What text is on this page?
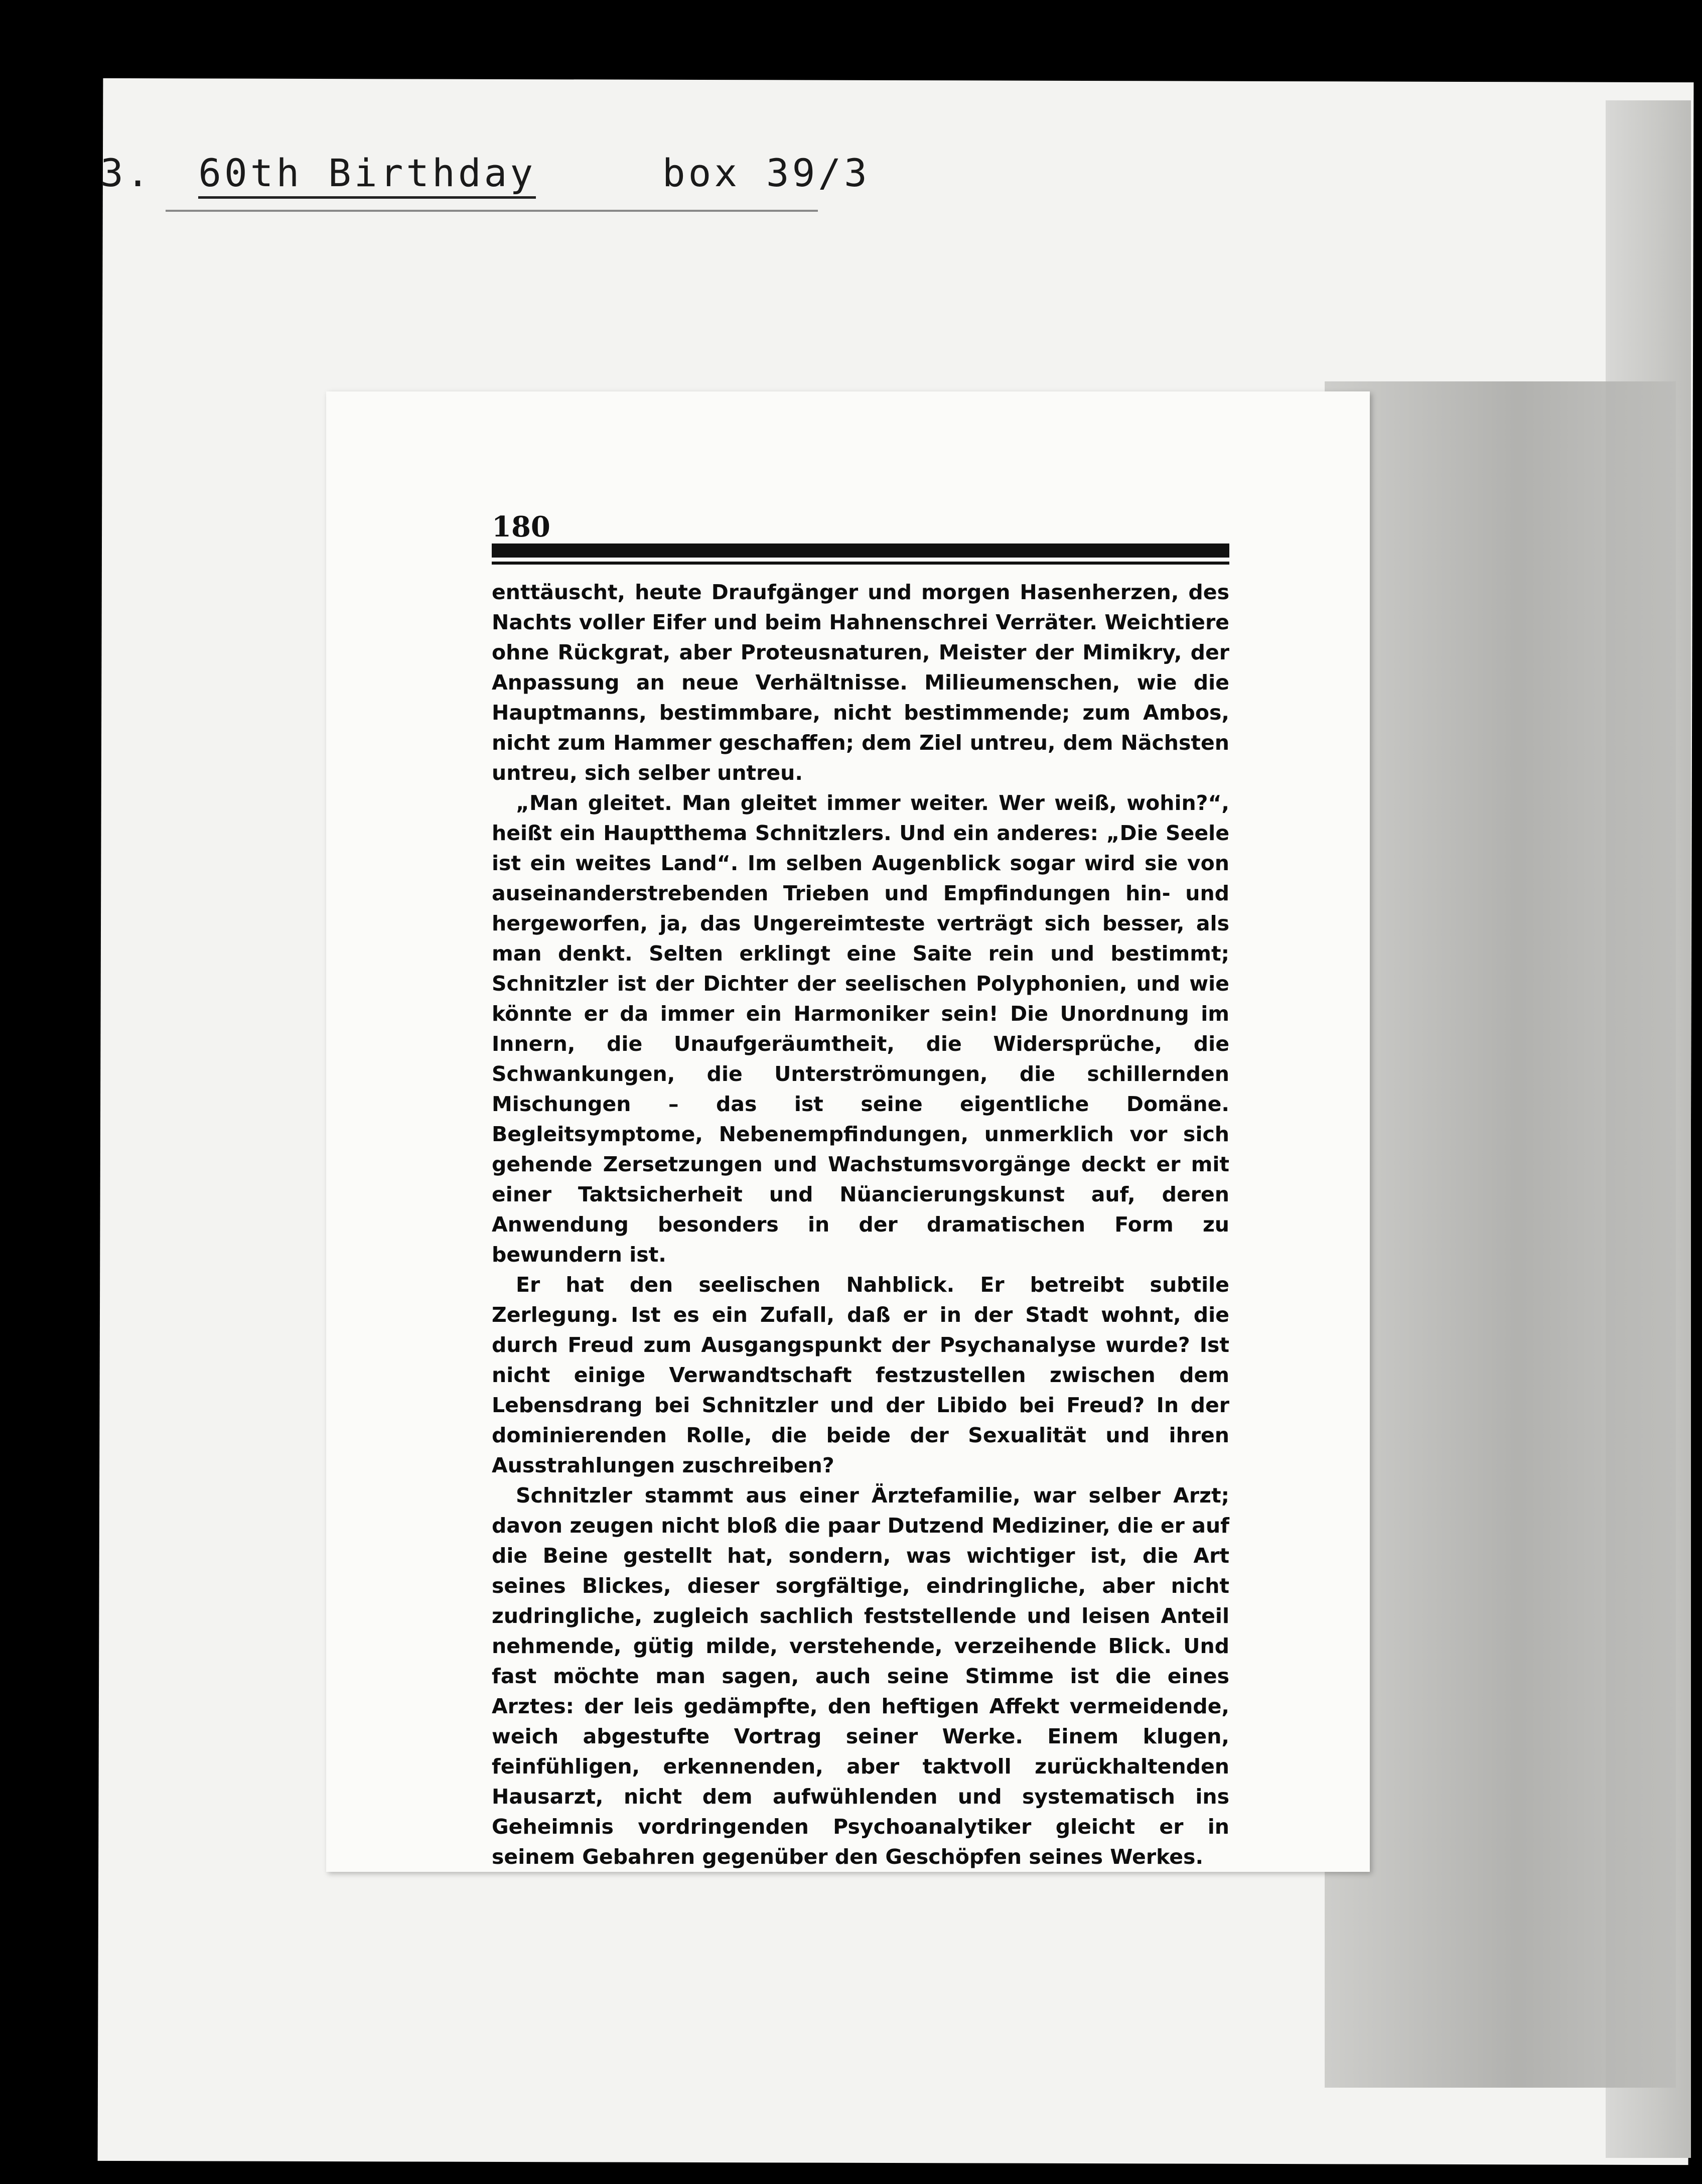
3. 60th Birthday	box 39/3
180

enttäuscht, heute Draufgänger und morgen Hasenherzen, des Nachts voller Eifer und beim Hahnenschrei Verräter. Weichtiere ohne Rückgrat, aber Proteusnaturen, Meister der Mimikry, der Anpassung an neue Verhältnisse. Milieumenschen, wie die Hauptmanns, bestimmbare, nicht bestimmende; zum Ambos, nicht zum Hammer geschaffen; dem Ziel untreu, dem Nächsten untreu, sich selber untreu.

„Man gleitet. Man gleitet immer weiter. Wer weiß, wohin?“, heißt ein Hauptthema Schnitzlers. Und ein anderes: „Die Seele ist ein weites Land“. Im selben Augenblick sogar wird sie von auseinanderstrebenden Trieben und Empfindungen hin- und hergeworfen, ja, das Ungereimteste verträgt sich besser, als man denkt. Selten erklingt eine Saite rein und bestimmt; Schnitzler ist der Dichter der seelischen Polyphonien, und wie könnte er da immer ein Harmoniker sein! Die Unordnung im Innern, die Unaufgeräumtheit, die Widersprüche, die Schwankungen, die Unterströmungen, die schillernden Mischungen – das ist seine eigentliche Domäne. Begleitsymptome, Nebenempfindungen, unmerklich vor sich gehende Zersetzungen und Wachstumsvorgänge deckt er mit einer Taktsicherheit und Nüancierungskunst auf, deren Anwendung besonders in der dramatischen Form zu bewundern ist.

Er hat den seelischen Nahblick. Er betreibt subtile Zerlegung. Ist es ein Zufall, daß er in der Stadt wohnt, die durch Freud zum Ausgangspunkt der Psychanalyse wurde? Ist nicht einige Verwandtschaft festzustellen zwischen dem Lebensdrang bei Schnitzler und der Libido bei Freud? In der dominierenden Rolle, die beide der Sexualität und ihren Ausstrahlungen zuschreiben?

Schnitzler stammt aus einer Ärztefamilie, war selber Arzt; davon zeugen nicht bloß die paar Dutzend Mediziner, die er auf die Beine gestellt hat, sondern, was wichtiger ist, die Art seines Blickes, dieser sorgfältige, eindringliche, aber nicht zudringliche, zugleich sachlich feststellende und leisen Anteil nehmende, gütig milde, verstehende, verzeihende Blick. Und fast möchte man sagen, auch seine Stimme ist die eines Arztes: der leis gedämpfte, den heftigen Affekt vermeidende, weich abgestufte Vortrag seiner Werke. Einem klugen, feinfühligen, erkennenden, aber taktvoll zurückhaltenden Hausarzt, nicht dem aufwühlenden und systematisch ins Geheimnis vordringenden Psychoanalytiker gleicht er in seinem Gebahren gegenüber den Geschöpfen seines Werkes.
